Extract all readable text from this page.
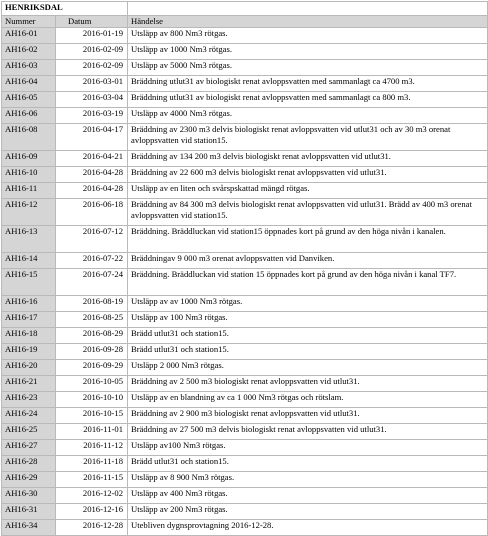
HENRIKSDAL		
Nummer	Datum	Händelse
AH16-01	2016-01-19	Utsläpp av 800 Nm3 rötgas.
AH16-02	2016-02-09	Utsläpp av 1000 Nm3 rötgas.
AH16-03	2016-02-09	Utsläpp av 5000 Nm3 rötgas.
AH16-04	2016-03-01	Bräddning utlut31 av biologiskt renat avloppsvatten med sammanlagt ca 4700 m3.
AH16-05	2016-03-04	Bräddning utlut31 av biologiskt renat avloppsvatten med sammanlagt ca 800 m3.
AH16-06	2016-03-19	Utsläpp av 4000 Nm3 rötgas.
AH16-08	2016-04-17	Bräddning av 2300 m3 delvis biologiskt renat avloppsvatten vid utlut31 och av 30 m3 orenat avloppsvatten vid station15.
AH16-09	2016-04-21	Bräddning av 134 200 m3 delvis biologiskt renat avloppsvatten vid utlut31.
AH16-10	2016-04-28	Bräddning av 22 600 m3 delvis biologiskt renat avloppsvatten vid utlut31.
AH16-11	2016-04-28	Utsläpp av en liten och svårspskattad mängd rötgas.
AH16-12	2016-06-18	Bräddning av 84 300 m3 delvis biologiskt renat avloppsvatten vid utlut31. Brädd av 400 m3 orenat avloppsvatten vid station15.
AH16-13	2016-07-12	Bräddning. Bräddluckan vid station15 öppnades kort på grund av den höga nivån i kanalen.
AH16-14	2016-07-22	Bräddningav 9 000 m3 orenat avloppsvatten vid Danviken.
AH16-15	2016-07-24	Bräddning. Bräddluckan vid station 15 öppnades kort på grund av den höga nivån i kanal TF7.
AH16-16	2016-08-19	Utsläpp av av 1000 Nm3 rötgas.
AH16-17	2016-08-25	Utsläpp av 100 Nm3 rötgas.
AH16-18	2016-08-29	Brädd utlut31 och station15.
AH16-19	2016-09-28	Brädd utlut31 och station15.
AH16-20	2016-09-29	Utsläpp 2 000 Nm3 rötgas.
AH16-21	2016-10-05	Bräddning av 2 500 m3 biologiskt renat avloppsvatten vid utlut31.
AH16-23	2016-10-10	Utsläpp av en blandning av ca 1 000 Nm3 rötgas och rötslam.
AH16-24	2016-10-15	Bräddning av 2 900 m3 biologiskt renat avloppsvatten vid utlut31.
AH16-25	2016-11-01	Bräddning av 27 500 m3 delvis biologiskt renat avloppsvatten vid utlut31.
AH16-27	2016-11-12	Utsläpp av100 Nm3 rötgas.
AH16-28	2016-11-18	Brädd utlut31 och station15.
AH16-29	2016-11-15	Utsläpp av 8 900 Nm3 rötgas.
AH16-30	2016-12-02	Utsläpp av 400 Nm3 rötgas.
AH16-31	2016-12-16	Utsläpp av 200 Nm3 rötgas.
AH16-34	2016-12-28	Utebliven dygnsprovtagning 2016-12-28.
